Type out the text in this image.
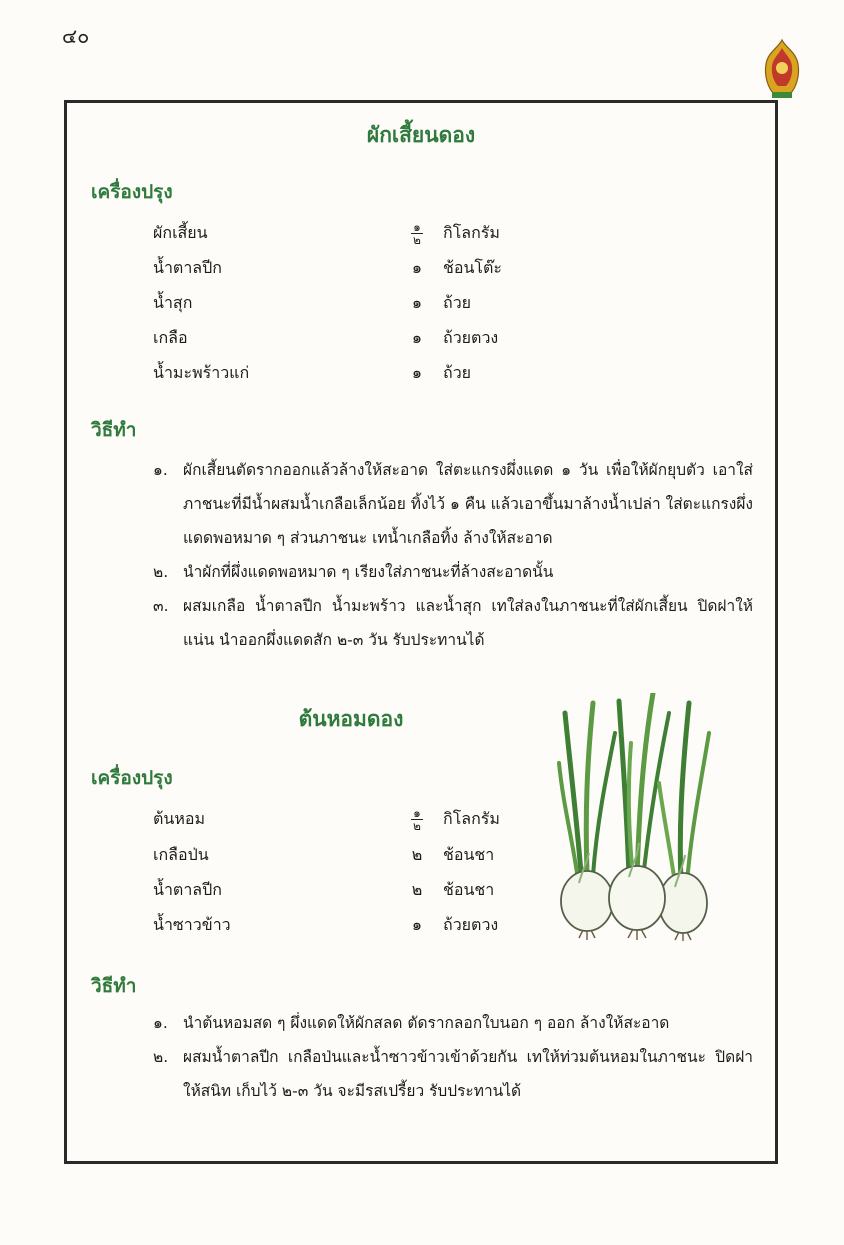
๔๐
ผักเสี้ยนดอง
เครื่องปรุง
ผักเสี้ยน	$\frac{๑}{๒}$ กิโลกรัม
น้ำตาลปีก	๑	ช้อนโต๊ะ
น้ำสุก	๑	ถ้วย
เกลือ	๑	ถ้วยตวง
น้ำมะพร้าวแก่	๑	ถ้วย
วิธีทำ
๑. ผักเสี้ยนตัดรากออกแล้วล้างให้สะอาด ใส่ตะแกรงผึ่งแดด ๑ วัน เพื่อให้ผักยุบตัว เอาใส่ภาชนะที่มีน้ำผสมน้ำเกลือเล็กน้อย ทิ้งไว้ ๑ คืน แล้วเอาขึ้นมาล้างน้ำเปล่า ใส่ตะแกรงผึ่งแดดพอหมาด ๆ ส่วนภาชนะ เทน้ำเกลือทิ้ง ล้างให้สะอาด
๒. นำผักที่ผึ่งแดดพอหมาด ๆ เรียงใส่ภาชนะที่ล้างสะอาดนั้น
๓. ผสมเกลือ น้ำตาลปีก น้ำมะพร้าว และน้ำสุก เทใส่ลงในภาชนะที่ใส่ผักเสี้ยน ปิดฝาให้แน่น นำออกผึ่งแดดสัก ๒-๓ วัน รับประทานได้
ต้นหอมดอง
เครื่องปรุง
ต้นหอม	$\frac{๑}{๒}$ กิโลกรัม
เกลือป่น	๒	ช้อนชา
น้ำตาลปีก	๒	ช้อนชา
น้ำซาวข้าว	๑	ถ้วยตวง
วิธีทำ
๑. นำต้นหอมสด ๆ ผึ่งแดดให้ผักสลด ตัดรากลอกใบนอก ๆ ออก ล้างให้สะอาด
๒. ผสมน้ำตาลปีก เกลือป่นและน้ำซาวข้าวเข้าด้วยกัน เทให้ท่วมต้นหอมในภาชนะ ปิดฝาให้สนิท เก็บไว้ ๒-๓ วัน จะมีรสเปรี้ยว รับประทานได้
